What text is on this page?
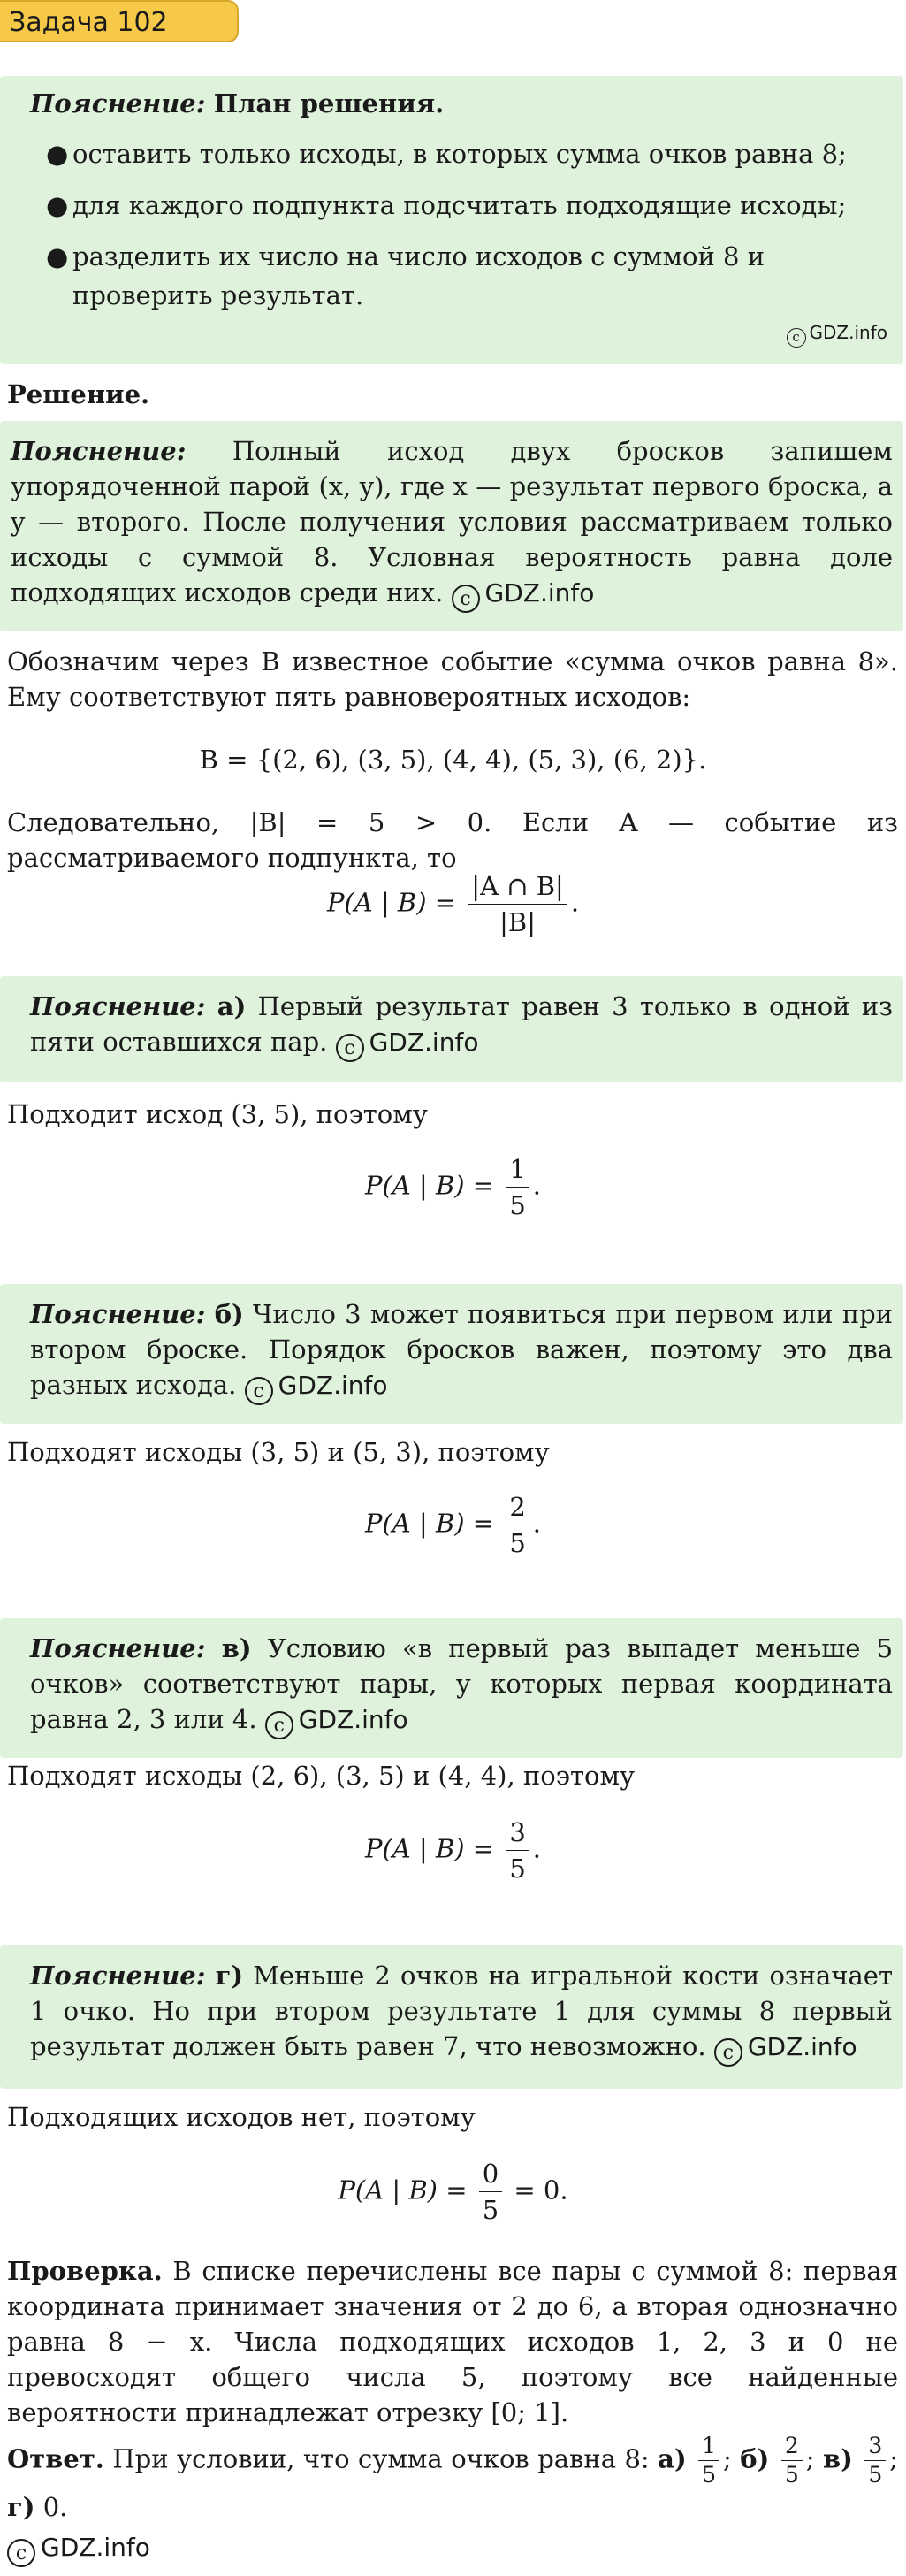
Задача 102
Пояснение: План решения.
● оставить только исходы, в которых сумма очков равна 8;
● для каждого подпункта подсчитать подходящие исходы;
● разделить их число на число исходов с суммой 8 и проверить результат.
c GDZ.info
Решение.
Пояснение: Полный исход двух бросков запишем упорядоченной парой (x, y), где x — результат первого броска, а y — второго. После получения условия рассматриваем только исходы с суммой 8. Условная вероятность равна доле подходящих исходов среди них. c GDZ.info
Обозначим через B известное событие «сумма очков равна 8». Ему соответствуют пять равновероятных исходов:
B = {(2, 6), (3, 5), (4, 4), (5, 3), (6, 2)}.
Следовательно, |B| = 5 > 0. Если A — событие из рассматриваемого подпункта, то
P(A | $B) = \frac{|A \cap B|}{|B|}$ .
Пояснение: а) Первый результат равен 3 только в одной из пяти оставшихся пар. c GDZ.info
Подходит исход (3, 5), поэтому
P(A | $B) = \frac{1}{5}$ .
Пояснение: б) Число 3 может появиться при первом или при втором броске. Порядок бросков важен, поэтому это два разных исхода. c GDZ.info
Подходят исходы (3, 5) и (5, 3), поэтому
P(A | $B) = \frac{2}{5}$ .
Пояснение: в) Условию «в первый раз выпадет меньше 5 очков» соответствуют пары, у которых первая координата равна 2, 3 или 4. c GDZ.info
Подходят исходы (2, 6), (3, 5) и (4, 4), поэтому
P(A | $B) = \frac{3}{5}$ .
Пояснение: г) Меньше 2 очков на игральной кости означает 1 очко. Но при втором результате 1 для суммы 8 первый результат должен быть равен 7, что невозможно. c GDZ.info
Подходящих исходов нет, поэтому
P(A | $B) = \frac{0}{5} = 0$.
Проверка. В списке перечислены все пары с суммой 8: первая координата принимает значения от 2 до 6, а вторая однозначно равна 8 − x. Числа подходящих исходов 1, 2, 3 и 0 не превосходят общего числа 5, поэтому все найденные вероятности принадлежат отрезку [0; 1].
Ответ. При условии, что сумма очков равна 8: $а) \frac{1}{5}$ ; $б) \frac{2}{5}$ ; $в) \frac{3}{5}$ ; г) 0.
c GDZ.info
